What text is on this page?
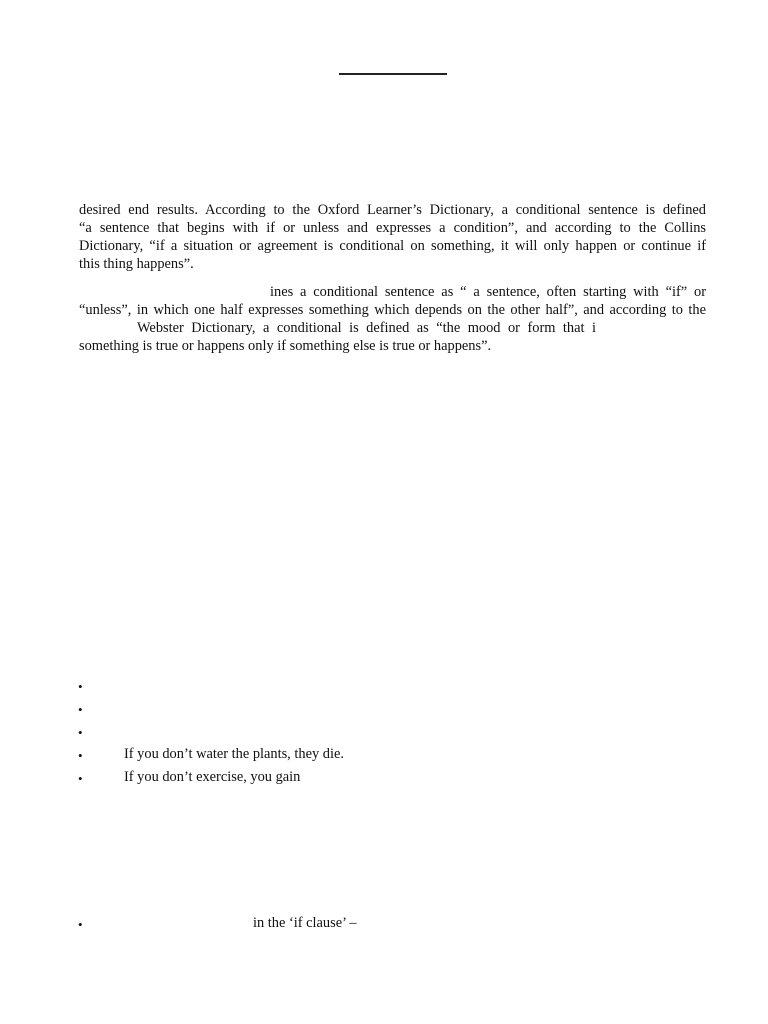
desired end results. According to the Oxford Learner’s Dictionary, a conditional sentence is defined
“a sentence that begins with if or unless and expresses a condition”, and according to the Collins
Dictionary, “if a situation or agreement is conditional on something, it will only happen or continue if
this thing happens”.
ines a conditional sentence as “ a sentence, often starting with “if” or
“unless”, in which one half expresses something which depends on the other half”, and according to the
Webster Dictionary, a conditional is defined as “the mood or form that i
something is true or happens only if something else is true or happens”.
•
•
•
•	If you don’t water the plants, they die.
•	If you don’t exercise, you gain
•	in the ‘if clause’ –
